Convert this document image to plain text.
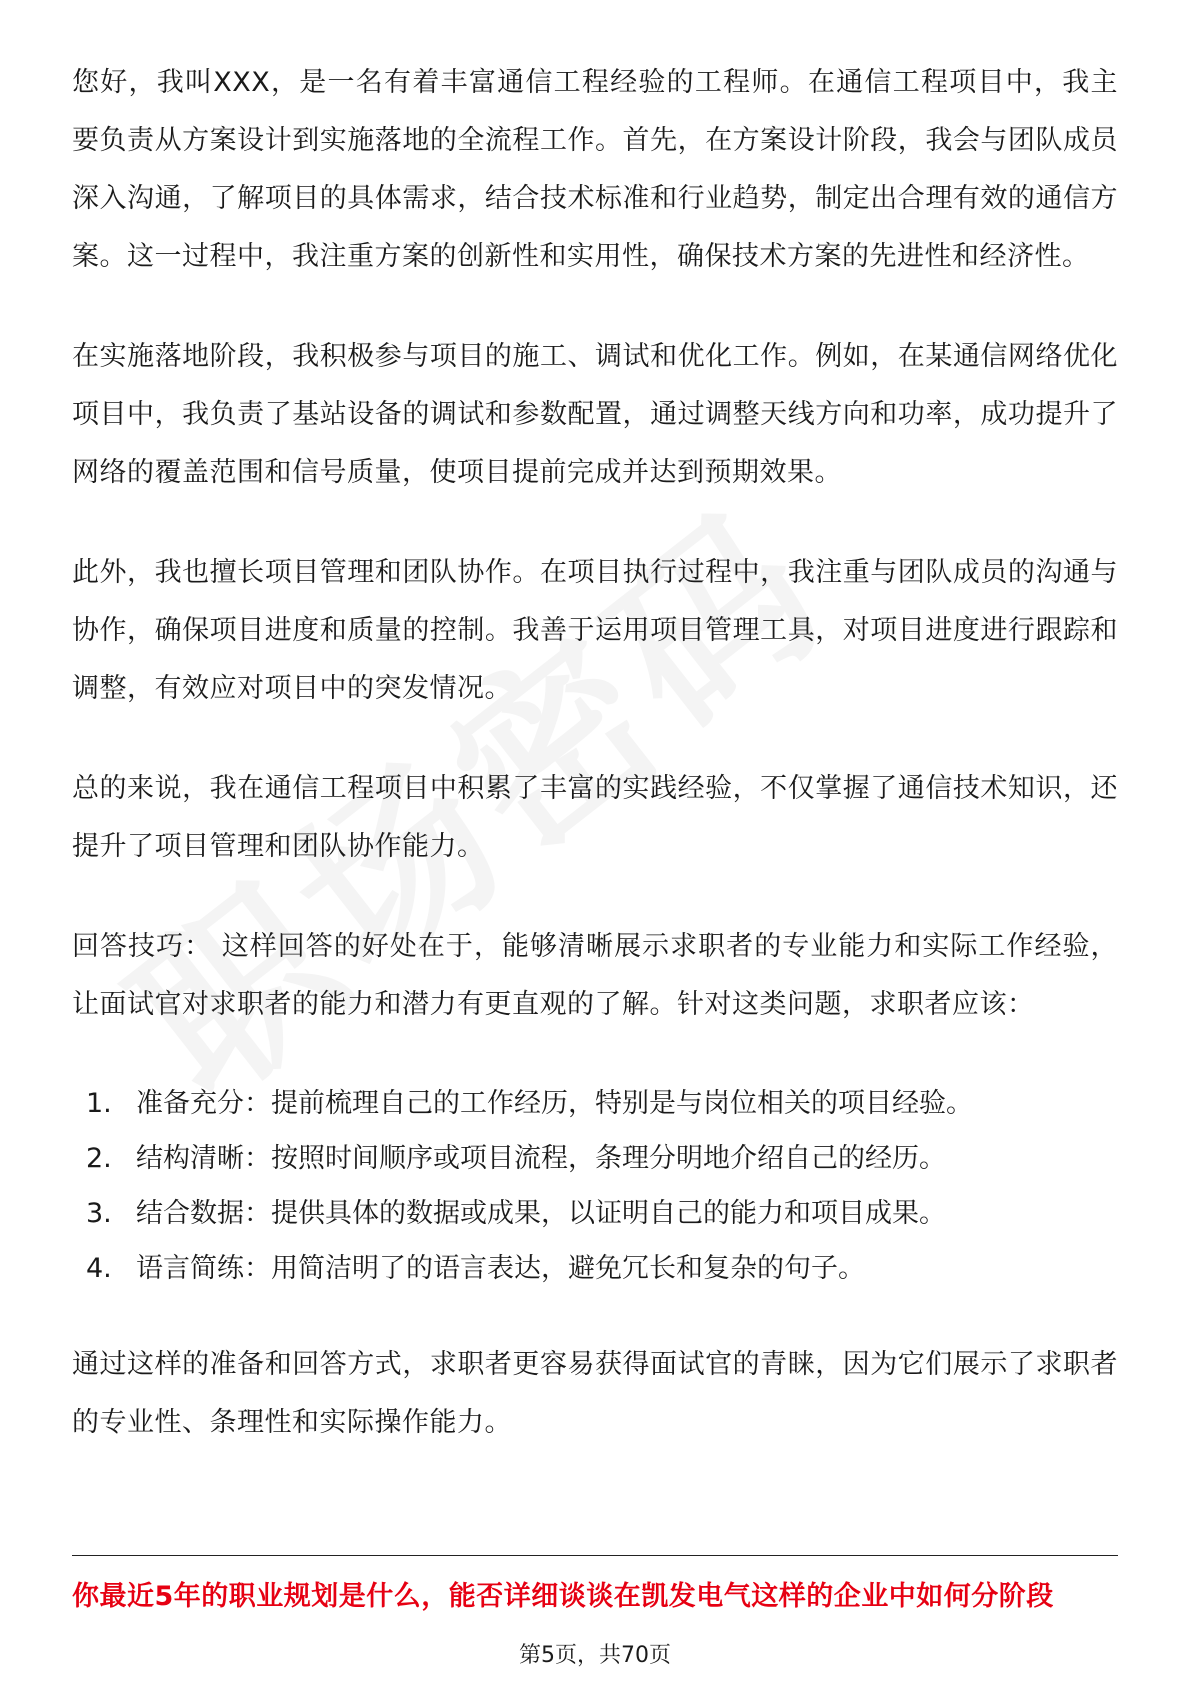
您好，我叫XXX，是一名有着丰富通信工程经验的工程师。在通信工程项目中，我主要负责从方案设计到实施落地的全流程工作。首先，在方案设计阶段，我会与团队成员深入沟通，了解项目的具体需求，结合技术标准和行业趋势，制定出合理有效的通信方案。这一过程中，我注重方案的创新性和实用性，确保技术方案的先进性和经济性。

在实施落地阶段，我积极参与项目的施工、调试和优化工作。例如，在某通信网络优化项目中，我负责了基站设备的调试和参数配置，通过调整天线方向和功率，成功提升了网络的覆盖范围和信号质量，使项目提前完成并达到预期效果。

此外，我也擅长项目管理和团队协作。在项目执行过程中，我注重与团队成员的沟通与协作，确保项目进度和质量的控制。我善于运用项目管理工具，对项目进度进行跟踪和调整，有效应对项目中的突发情况。

总的来说，我在通信工程项目中积累了丰富的实践经验，不仅掌握了通信技术知识，还提升了项目管理和团队协作能力。

回答技巧： 这样回答的好处在于，能够清晰展示求职者的专业能力和实际工作经验，让面试官对求职者的能力和潜力有更直观的了解。针对这类问题，求职者应该：

1. 准备充分：提前梳理自己的工作经历，特别是与岗位相关的项目经验。
2. 结构清晰：按照时间顺序或项目流程，条理分明地介绍自己的经历。
3. 结合数据：提供具体的数据或成果，以证明自己的能力和项目成果。
4. 语言简练：用简洁明了的语言表达，避免冗长和复杂的句子。

通过这样的准备和回答方式，求职者更容易获得面试官的青睐，因为它们展示了求职者的专业性、条理性和实际操作能力。

你最近5年的职业规划是什么，能否详细谈谈在凯发电气这样的企业中如何分阶段
第5页，共70页
